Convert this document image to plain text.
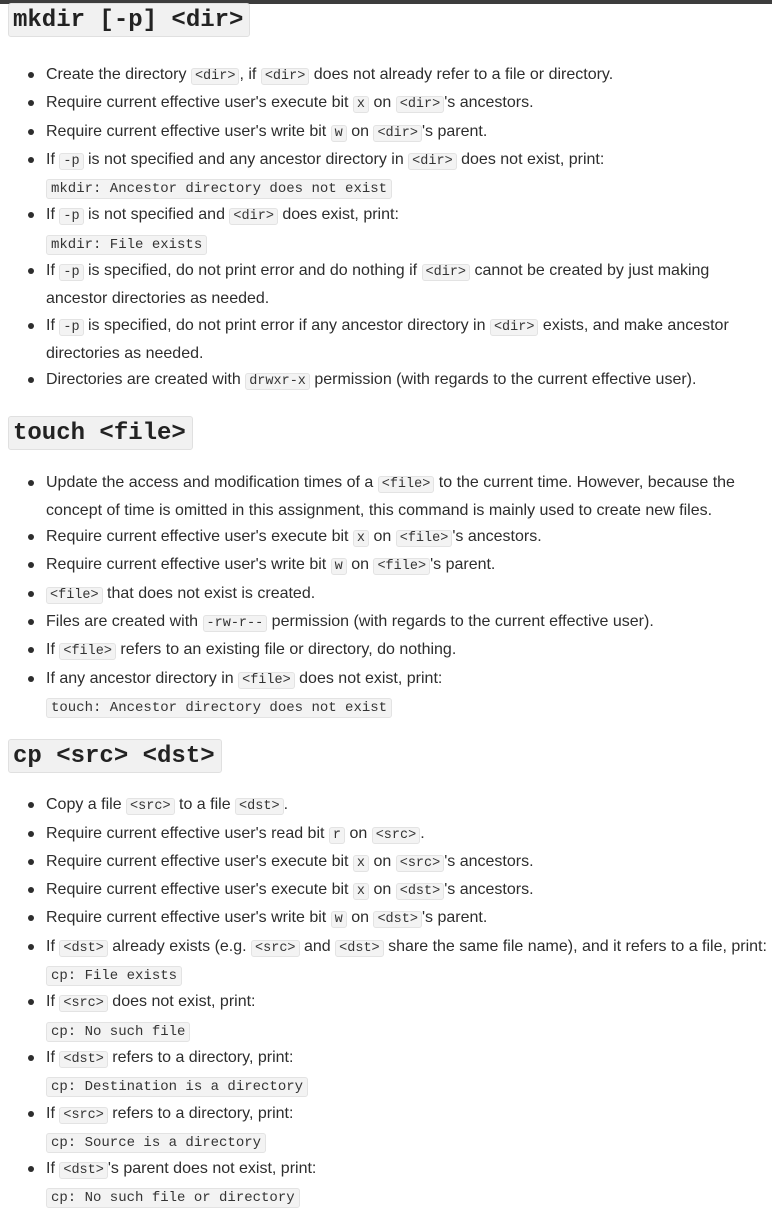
mkdir [-p] <dir>
Create the directory <dir> , if <dir> does not already refer to a file or directory.
Require current effective user's execute bit x on <dir> 's ancestors.
Require current effective user's write bit w on <dir> 's parent.
If -p is not specified and any ancestor directory in <dir> does not exist, print:
mkdir: Ancestor directory does not exist
If -p is not specified and <dir> does exist, print:
mkdir: File exists
If -p is specified, do not print error and do nothing if <dir> cannot be created by just making ancestor directories as needed.
If -p is specified, do not print error if any ancestor directory in <dir> exists, and make ancestor directories as needed.
Directories are created with drwxr-x permission (with regards to the current effective user).
touch <file>
Update the access and modification times of a <file> to the current time. However, because the concept of time is omitted in this assignment, this command is mainly used to create new files.
Require current effective user's execute bit x on <file> 's ancestors.
Require current effective user's write bit w on <file> 's parent.
<file> that does not exist is created.
Files are created with -rw-r-- permission (with regards to the current effective user).
If <file> refers to an existing file or directory, do nothing.
If any ancestor directory in <file> does not exist, print:
touch: Ancestor directory does not exist
cp <src> <dst>
Copy a file <src> to a file <dst> .
Require current effective user's read bit r on <src> .
Require current effective user's execute bit x on <src> 's ancestors.
Require current effective user's execute bit x on <dst> 's ancestors.
Require current effective user's write bit w on <dst> 's parent.
If <dst> already exists (e.g. <src> and <dst> share the same file name), and it refers to a file, print:
cp: File exists
If <src> does not exist, print:
cp: No such file
If <dst> refers to a directory, print:
cp: Destination is a directory
If <src> refers to a directory, print:
cp: Source is a directory
If <dst> 's parent does not exist, print:
cp: No such file or directory
